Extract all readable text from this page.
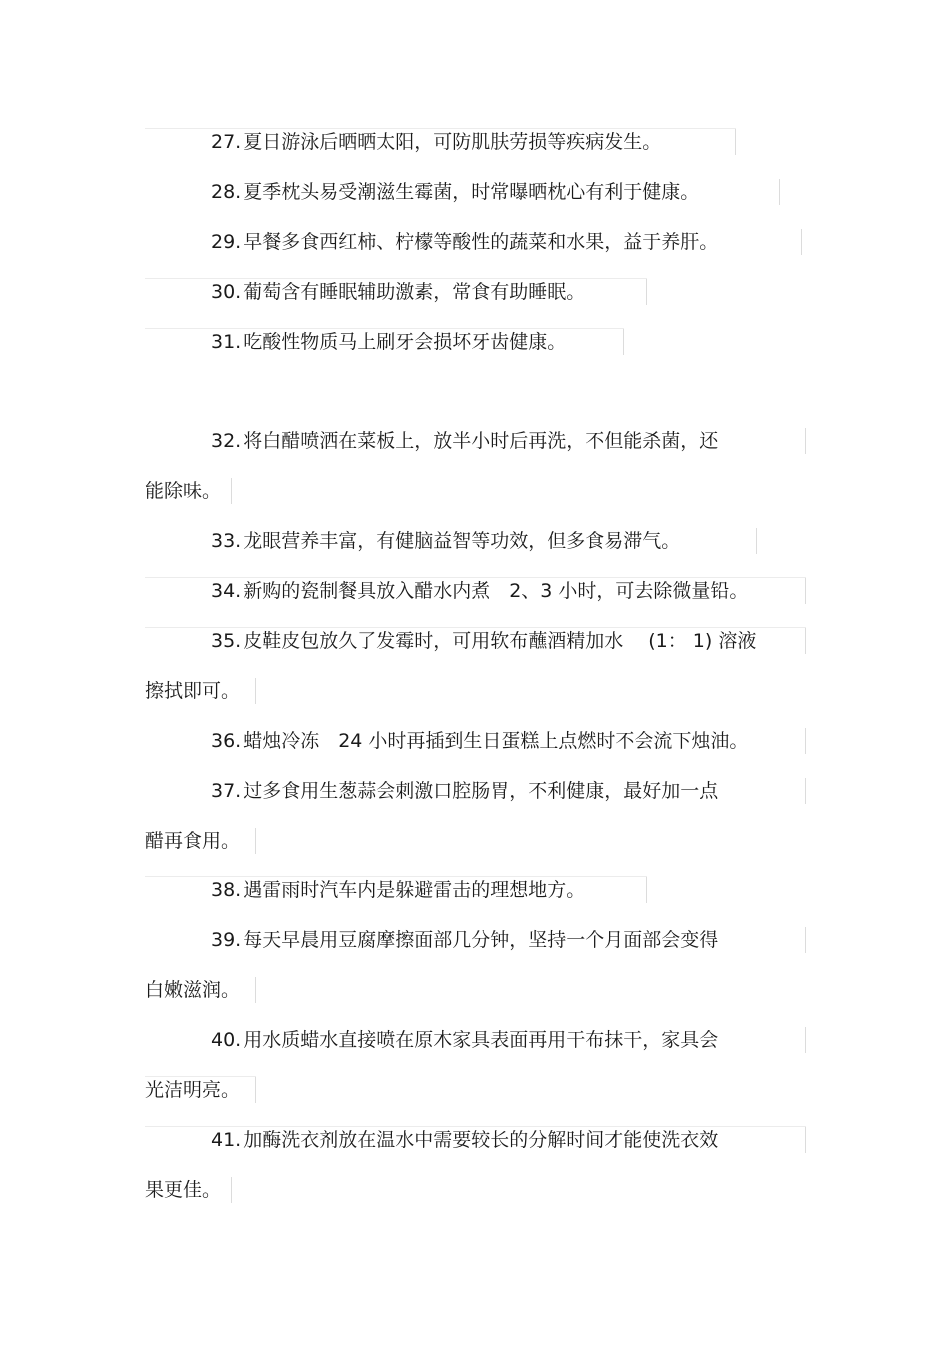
27. 夏日游泳后晒晒太阳，可防肌肤劳损等疾病发生。
28. 夏季枕头易受潮滋生霉菌，时常曝晒枕心有利于健康。
29. 早餐多食西红柿、柠檬等酸性的蔬菜和水果，益于养肝。
30. 葡萄含有睡眠辅助激素，常食有助睡眠。
31. 吃酸性物质马上刷牙会损坏牙齿健康。
32. 将白醋喷洒在菜板上，放半小时后再洗，不但能杀菌，还
能除味。
33. 龙眼营养丰富，有健脑益智等功效，但多食易滞气。
34. 新购的瓷制餐具放入醋水内煮　2、3 小时，可去除微量铅。
35. 皮鞋皮包放久了发霉时，可用软布蘸酒精加水　 (1： 1) 溶液
擦拭即可。
36. 蜡烛冷冻　24 小时再插到生日蛋糕上点燃时不会流下烛油。
37. 过多食用生葱蒜会刺激口腔肠胃，不利健康，最好加一点
醋再食用。
38. 遇雷雨时汽车内是躲避雷击的理想地方。
39. 每天早晨用豆腐摩擦面部几分钟，坚持一个月面部会变得
白嫩滋润。
40. 用水质蜡水直接喷在原木家具表面再用干布抹干，家具会
光洁明亮。
41. 加酶洗衣剂放在温水中需要较长的分解时间才能使洗衣效
果更佳。
